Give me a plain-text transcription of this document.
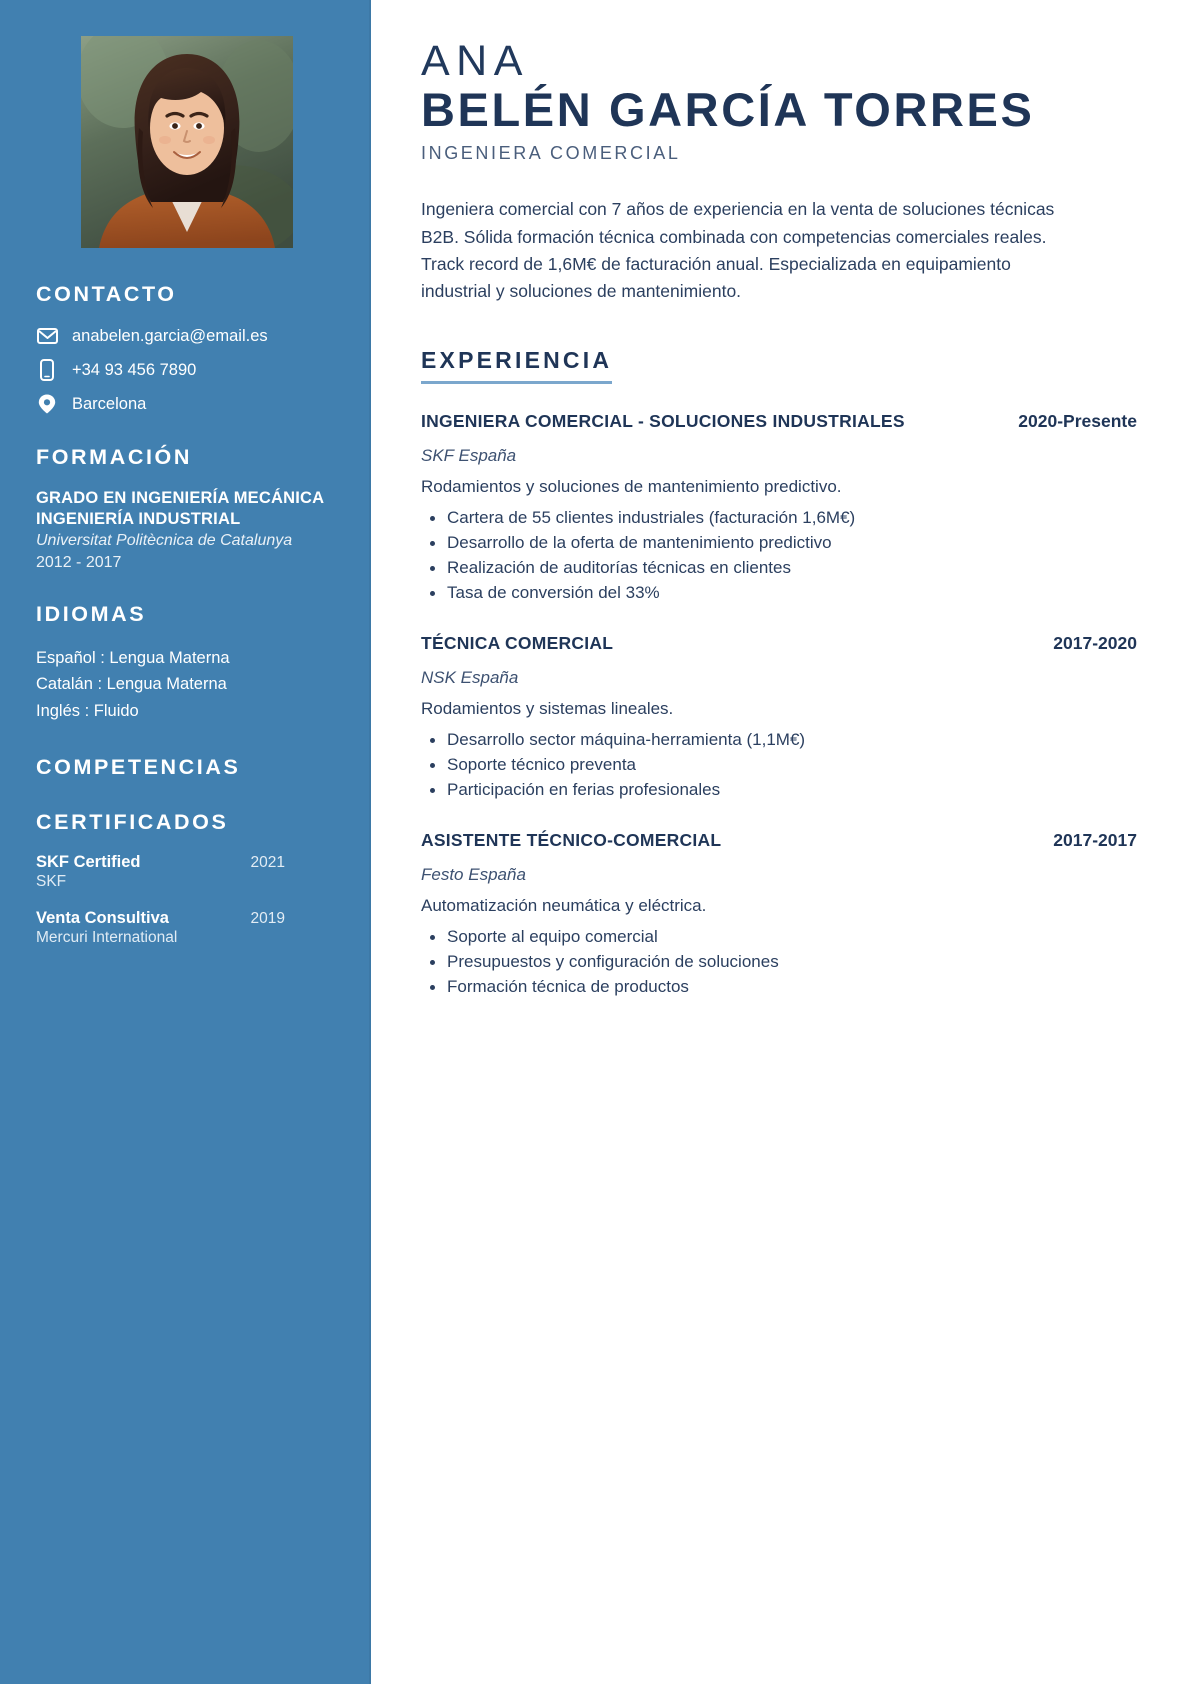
CONTACTO
anabelen.garcia@email.es
+34 93 456 7890
Barcelona
FORMACIÓN
GRADO EN INGENIERÍA MECÁNICA INGENIERÍA INDUSTRIAL
Universitat Politècnica de Catalunya
2012 - 2017
IDIOMAS
Español : Lengua Materna
Catalán : Lengua Materna
Inglés : Fluido
COMPETENCIAS
CERTIFICADOS
SKF Certified	2021
SKF
Venta Consultiva	2019
Mercuri International
ANA
BELÉN GARCÍA TORRES
INGENIERA COMERCIAL

Ingeniera comercial con 7 años de experiencia en la venta de soluciones técnicas B2B. Sólida formación técnica combinada con competencias comerciales reales. Track record de 1,6M€ de facturación anual. Especializada en equipamiento industrial y soluciones de mantenimiento.

EXPERIENCIA
INGENIERA COMERCIAL - SOLUCIONES INDUSTRIALES	2020-Presente
SKF España
Rodamientos y soluciones de mantenimiento predictivo.
Cartera de 55 clientes industriales (facturación 1,6M€)
Desarrollo de la oferta de mantenimiento predictivo
Realización de auditorías técnicas en clientes
Tasa de conversión del 33%
TÉCNICA COMERCIAL	2017-2020
NSK España
Rodamientos y sistemas lineales.
Desarrollo sector máquina-herramienta (1,1M€)
Soporte técnico preventa
Participación en ferias profesionales
ASISTENTE TÉCNICO-COMERCIAL	2017-2017
Festo España
Automatización neumática y eléctrica.
Soporte al equipo comercial
Presupuestos y configuración de soluciones
Formación técnica de productos
